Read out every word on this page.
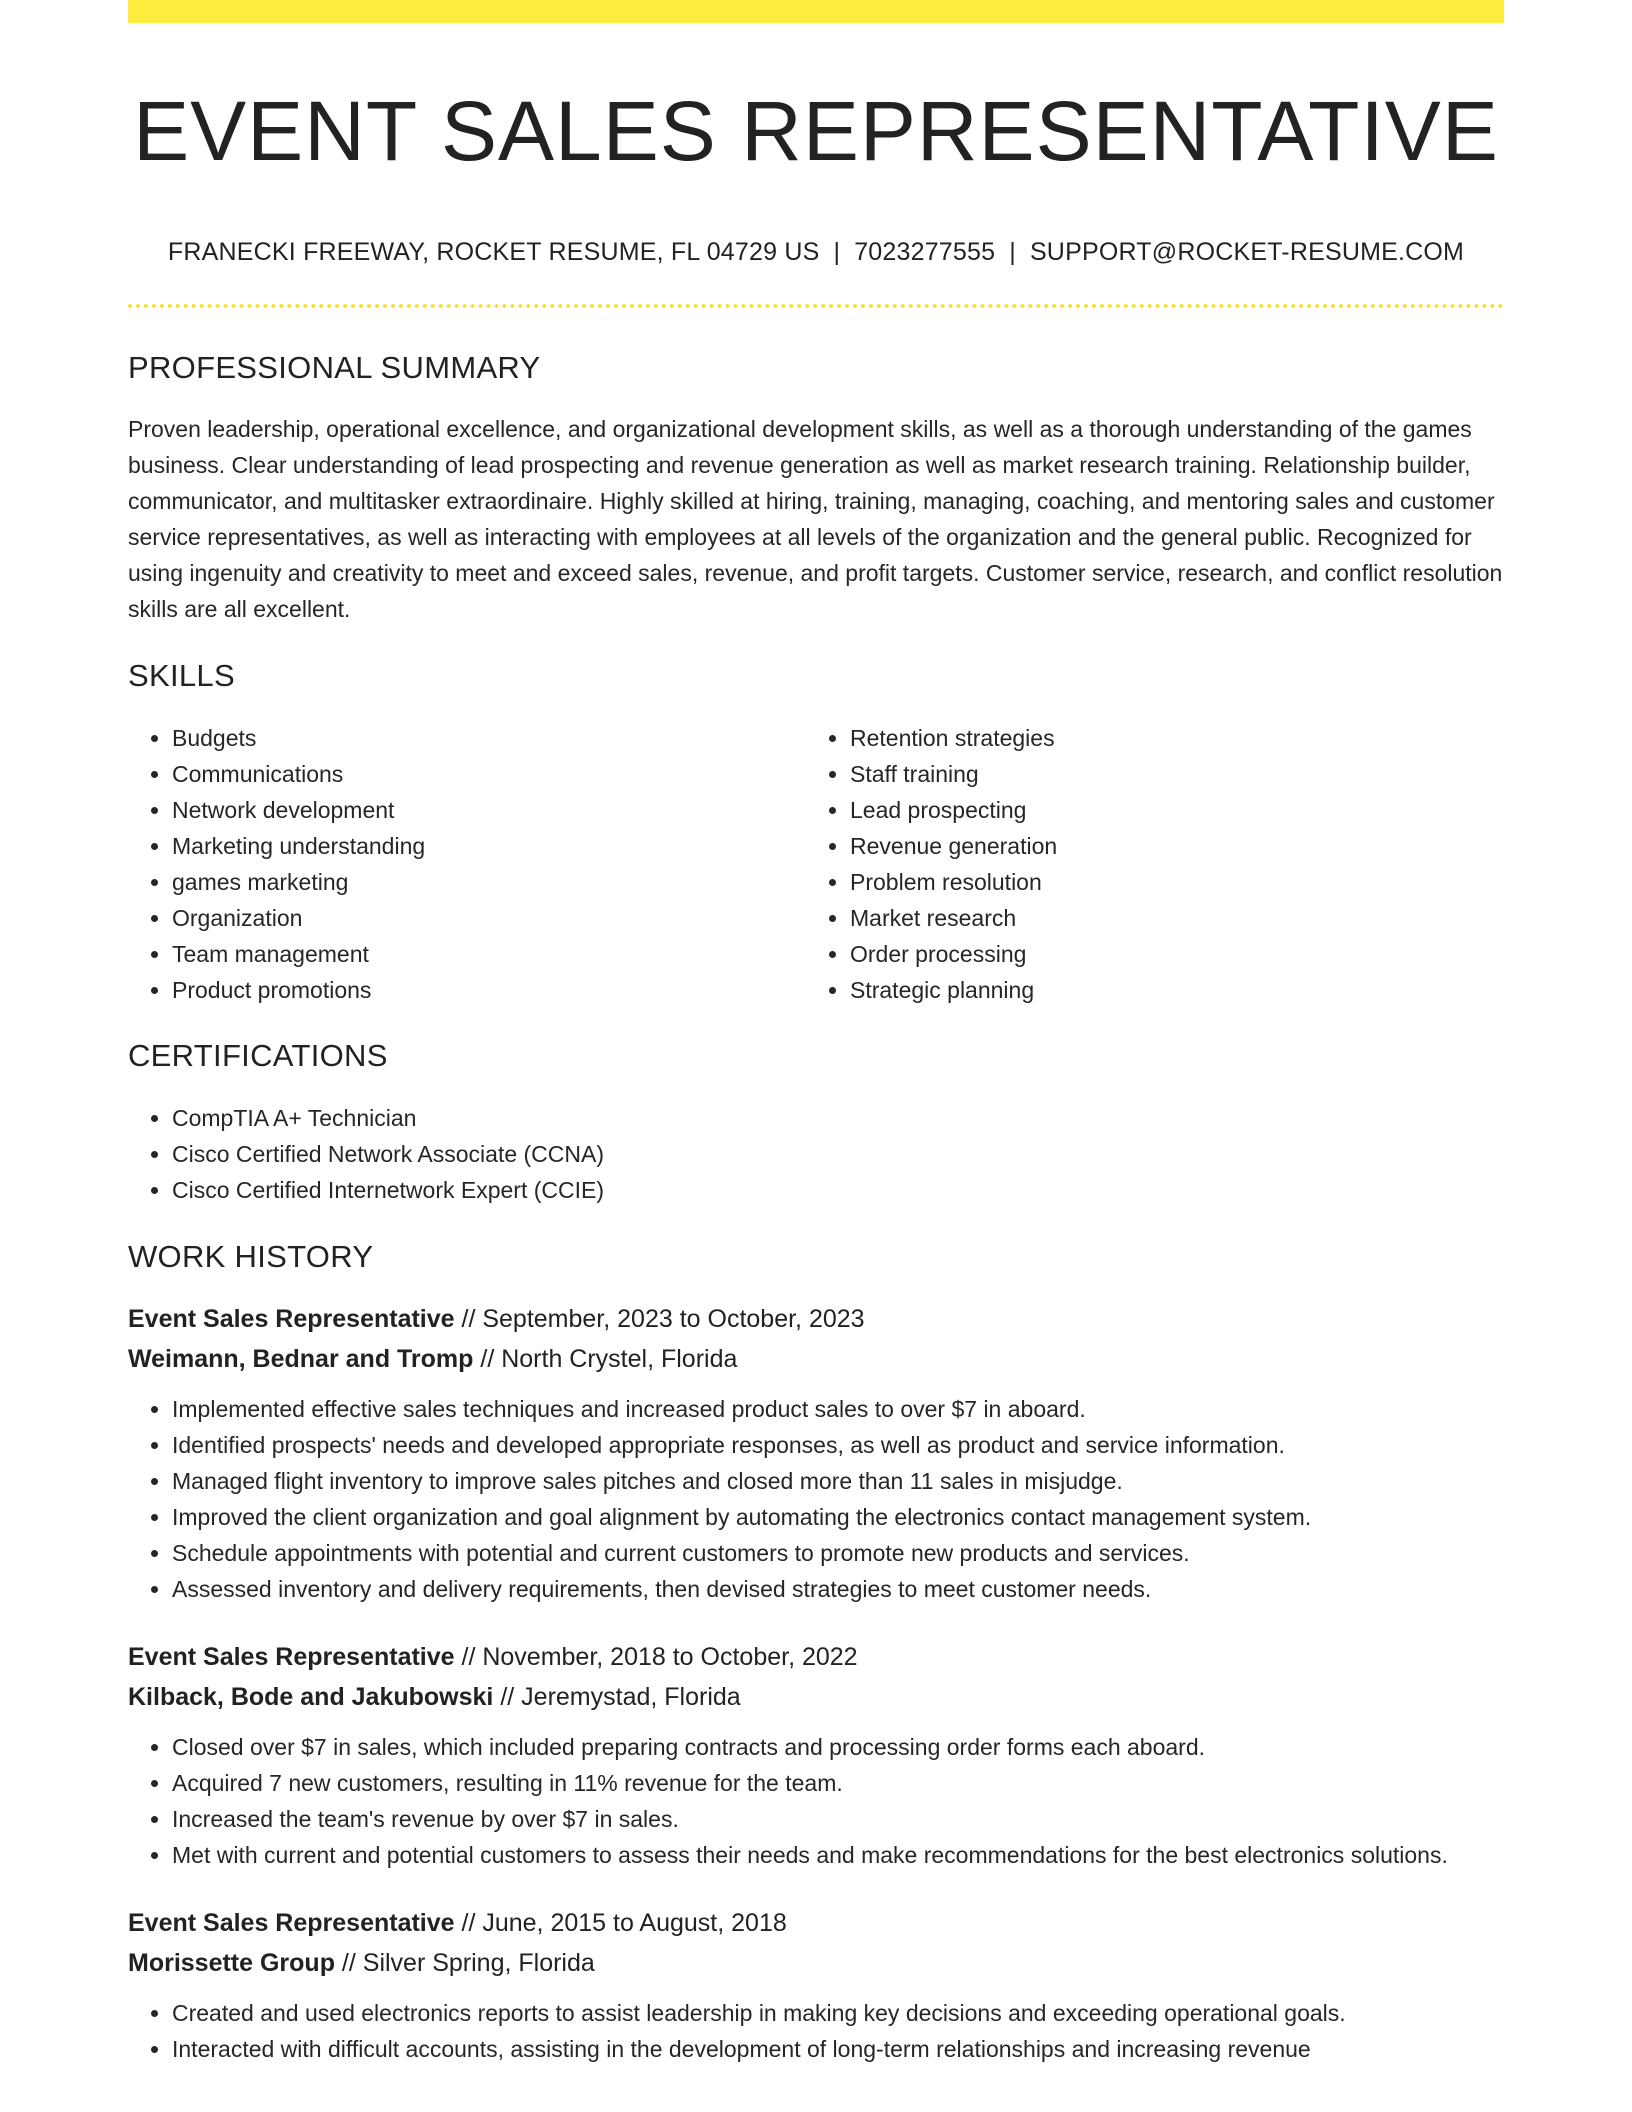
EVENT SALES REPRESENTATIVE
FRANECKI FREEWAY, ROCKET RESUME, FL 04729 US | 7023277555 | SUPPORT@ROCKET-RESUME.COM
PROFESSIONAL SUMMARY

Proven leadership, operational excellence, and organizational development skills, as well as a thorough understanding of the games business. Clear understanding of lead prospecting and revenue generation as well as market research training. Relationship builder, communicator, and multitasker extraordinaire. Highly skilled at hiring, training, managing, coaching, and mentoring sales and customer service representatives, as well as interacting with employees at all levels of the organization and the general public. Recognized for using ingenuity and creativity to meet and exceed sales, revenue, and profit targets. Customer service, research, and conflict resolution skills are all excellent.

SKILLS
• Budgets
• Communications
• Network development
• Marketing understanding
• games marketing
• Organization
• Team management
• Product promotions
• Retention strategies
• Staff training
• Lead prospecting
• Revenue generation
• Problem resolution
• Market research
• Order processing
• Strategic planning
CERTIFICATIONS
• CompTIA A+ Technician
• Cisco Certified Network Associate (CCNA)
• Cisco Certified Internetwork Expert (CCIE)
WORK HISTORY
Event Sales Representative // September, 2023 to October, 2023
Weimann, Bednar and Tromp // North Crystel, Florida
• Implemented effective sales techniques and increased product sales to over $7 in aboard.
• Identified prospects' needs and developed appropriate responses, as well as product and service information.
• Managed flight inventory to improve sales pitches and closed more than 11 sales in misjudge.
• Improved the client organization and goal alignment by automating the electronics contact management system.
• Schedule appointments with potential and current customers to promote new products and services.
• Assessed inventory and delivery requirements, then devised strategies to meet customer needs.
Event Sales Representative // November, 2018 to October, 2022
Kilback, Bode and Jakubowski // Jeremystad, Florida
• Closed over $7 in sales, which included preparing contracts and processing order forms each aboard.
• Acquired 7 new customers, resulting in 11% revenue for the team.
• Increased the team's revenue by over $7 in sales.
• Met with current and potential customers to assess their needs and make recommendations for the best electronics solutions.
Event Sales Representative // June, 2015 to August, 2018
Morissette Group // Silver Spring, Florida
• Created and used electronics reports to assist leadership in making key decisions and exceeding operational goals.
• Interacted with difficult accounts, assisting in the development of long-term relationships and increasing revenue
